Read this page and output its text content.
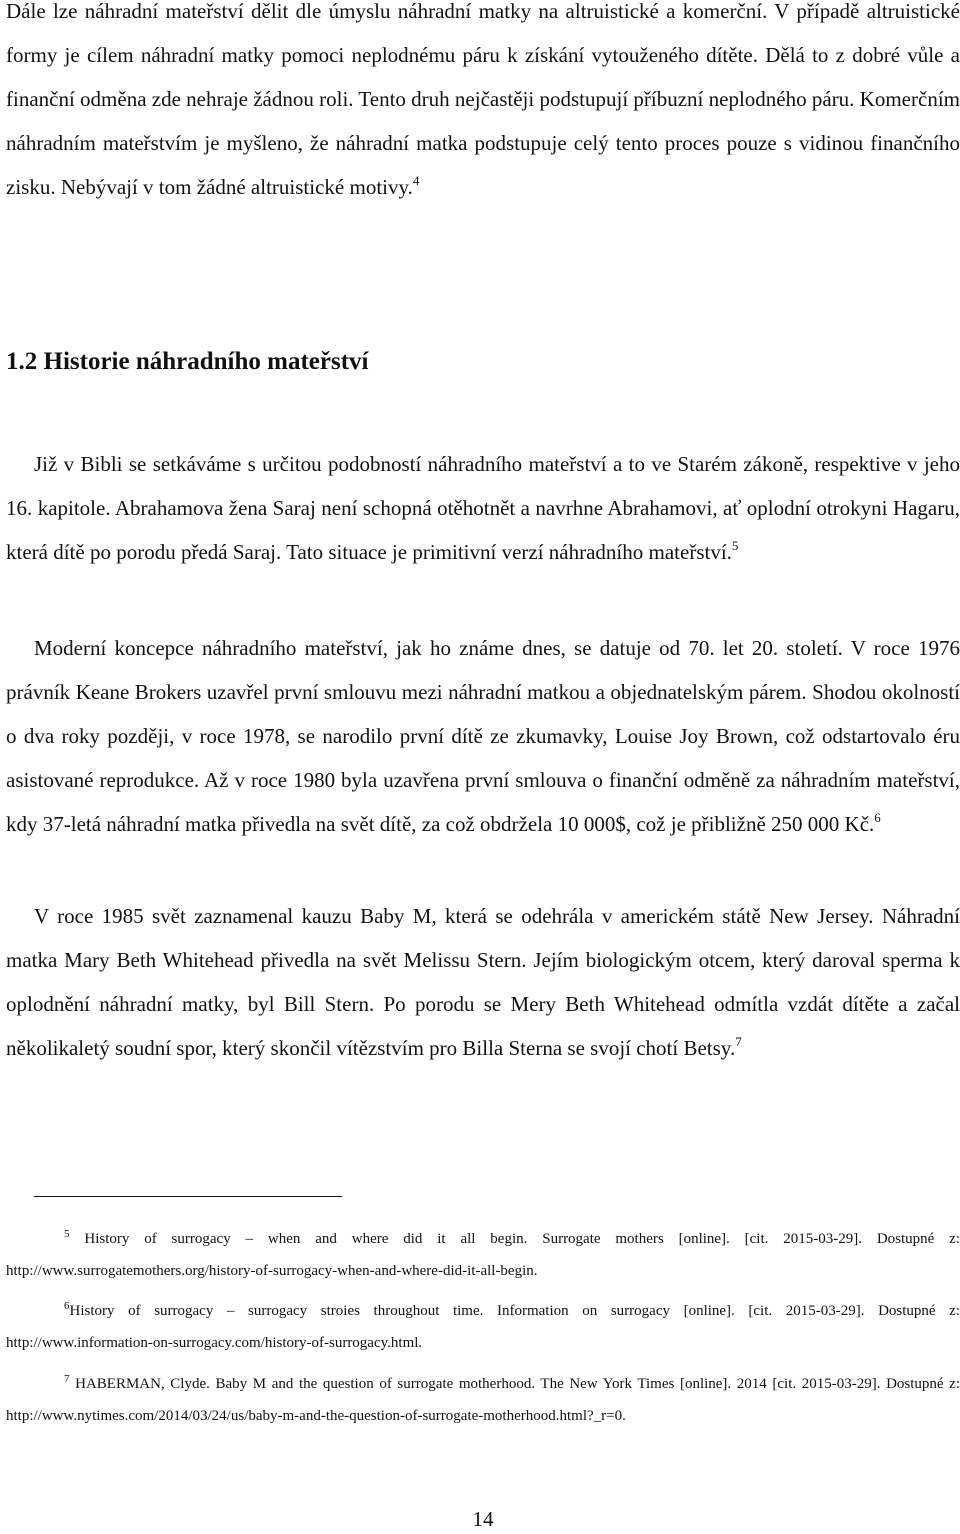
Dále lze náhradní mateřství dělit dle úmyslu náhradní matky na altruistické a komerční. V případě altruistické formy je cílem náhradní matky pomoci neplodnému páru k získání vytouženého dítěte. Dělá to z dobré vůle a finanční odměna zde nehraje žádnou roli. Tento druh nejčastěji podstupují příbuzní neplodného páru. Komerčním náhradním mateřstvím je myšleno, že náhradní matka podstupuje celý tento proces pouze s vidinou finančního zisku. Nebývají v tom žádné altruistické motivy.$^4$

1.2 Historie náhradního mateřství

Již v Bibli se setkáváme s určitou podobností náhradního mateřství a to ve Starém zákoně, respektive v jeho 16. kapitole. Abrahamova žena Saraj není schopná otěhotnět a navrhne Abrahamovi, ať oplodní otrokyni Hagaru, která dítě po porodu předá Saraj. Tato situace je primitivní verzí náhradního mateřství.$^5$

Moderní koncepce náhradního mateřství, jak ho známe dnes, se datuje od 70. let 20. století. V roce 1976 právník Keane Brokers uzavřel první smlouvu mezi náhradní matkou a objednatelským párem. Shodou okolností o dva roky později, v roce 1978, se narodilo první dítě ze zkumavky, Louise Joy Brown, což odstartovalo éru asistované reprodukce. Až v roce 1980 byla uzavřena první smlouva o finanční odměně za náhradním mateřství, kdy 37-letá náhradní matka přivedla na svět dítě, za což obdržela 10 000$, což je přibližně 250 000 Kč.$^6$

V roce 1985 svět zaznamenal kauzu Baby M, která se odehrála v americkém státě New Jersey. Náhradní matka Mary Beth Whitehead přivedla na svět Melissu Stern. Jejím biologickým otcem, který daroval sperma k oplodnění náhradní matky, byl Bill Stern. Po porodu se Mery Beth Whitehead odmítla vzdát dítěte a začal několikaletý soudní spor, který skončil vítězstvím pro Billa Sterna se svojí chotí Betsy.$^7$

$^5$ History of surrogacy – when and where did it all begin. Surrogate mothers [online]. [cit. 2015-03-29]. Dostupné z: http://www.surrogatemothers.org/history-of-surrogacy-when-and-where-did-it-all-begin.

$^6$History of surrogacy – surrogacy stroies throughout time. Information on surrogacy [online]. [cit. 2015-03-29]. Dostupné z: http://www.information-on-surrogacy.com/history-of-surrogacy.html.

$^7$ HABERMAN, Clyde. Baby M and the question of surrogate motherhood. The New York Times [online]. 2014 [cit. 2015-03-29]. Dostupné z: http://www.nytimes.com/2014/03/24/us/baby-m-and-the-question-of-surrogate-motherhood.html?_r=0.

14
